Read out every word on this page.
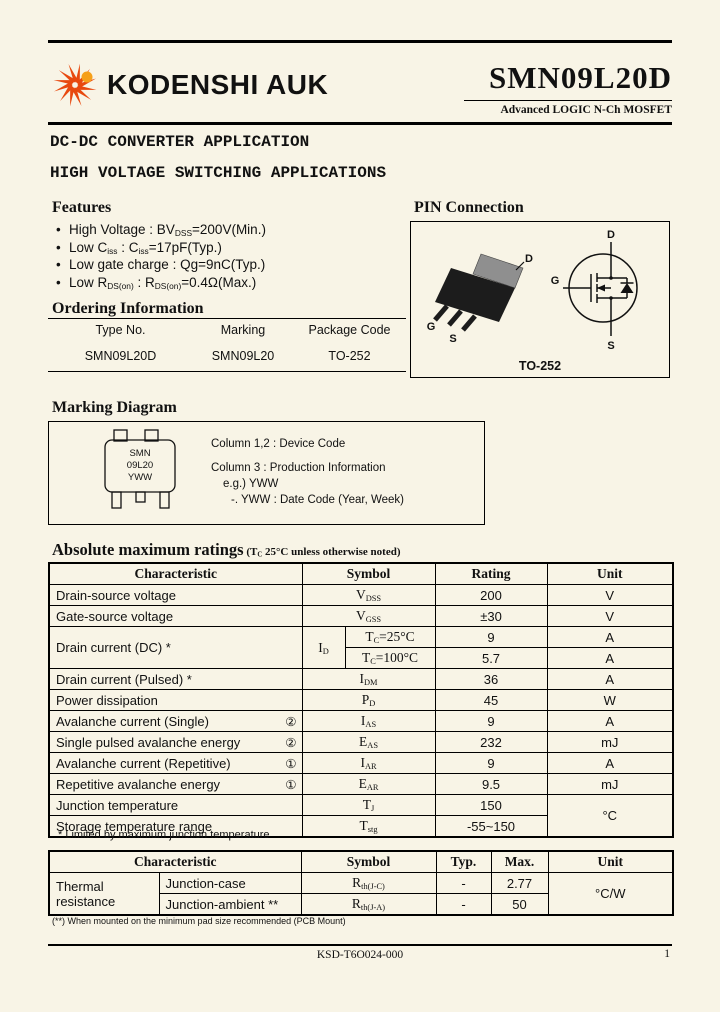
KODENSHI AUK	SMN09L20D
Advanced LOGIC N-Ch MOSFET
DC-DC CONVERTER APPLICATION
HIGH VOLTAGE SWITCHING APPLICATIONS
Features
• High Voltage : $BV_{DSS}=200V(Min.)$
• Low $C_{iss}$ : $C_{iss}=17pF(Typ.)$
• Low gate charge : Qg=9nC(Typ.)
• Low $R_{DS(on)}$ : $R_{DS(on)}=0.4\Omega(Max.)$
PIN Connection
D
G
S
D
G
S
TO-252
Ordering Information
Type No.	Marking	Package Code
SMN09L20D	SMN09L20	TO-252
Marking Diagram
SMN
09L20
YWW
Column 1,2 : Device Code
Column 3 : Production Information
e.g.) YWW
-. YWW : Date Code (Year, Week)
Absolute maximum ratings ($T_C$ 25°C unless otherwise noted)
Characteristic	Symbol		Rating	Unit
Drain-source voltage	$V_{DSS}$		200	V
Gate-source voltage	$V_{GSS}$		±30	V
Drain current (DC) *	$I_D$	$T_C=25^\circ C$	9	A
		$T_C=100^\circ C$	5.7	A
Drain current (Pulsed) *	$I_{DM}$		36	A
Power dissipation	$P_D$		45	W
Avalanche current (Single) ②	$I_{AS}$		9	A
Single pulsed avalanche energy ②	$E_{AS}$		232	mJ
Avalanche current (Repetitive) ①	$I_{AR}$		9	A
Repetitive avalanche energy ①	$E_{AR}$		9.5	mJ
Junction temperature	$T_J$		150	°C
Storage temperature range	$T_{stg}$		-55~150	
* Limited by maximum junction temperature
Characteristic		Symbol	Typ.	Max.	Unit
Thermal resistance	Junction-case	$R_{th(J-C)}$	-	2.77	°C/W
	Junction-ambient **	$R_{th(J-A)}$	-	50	
(**) When mounted on the minimum pad size recommended (PCB Mount)
KSD-T6O024-000	1
